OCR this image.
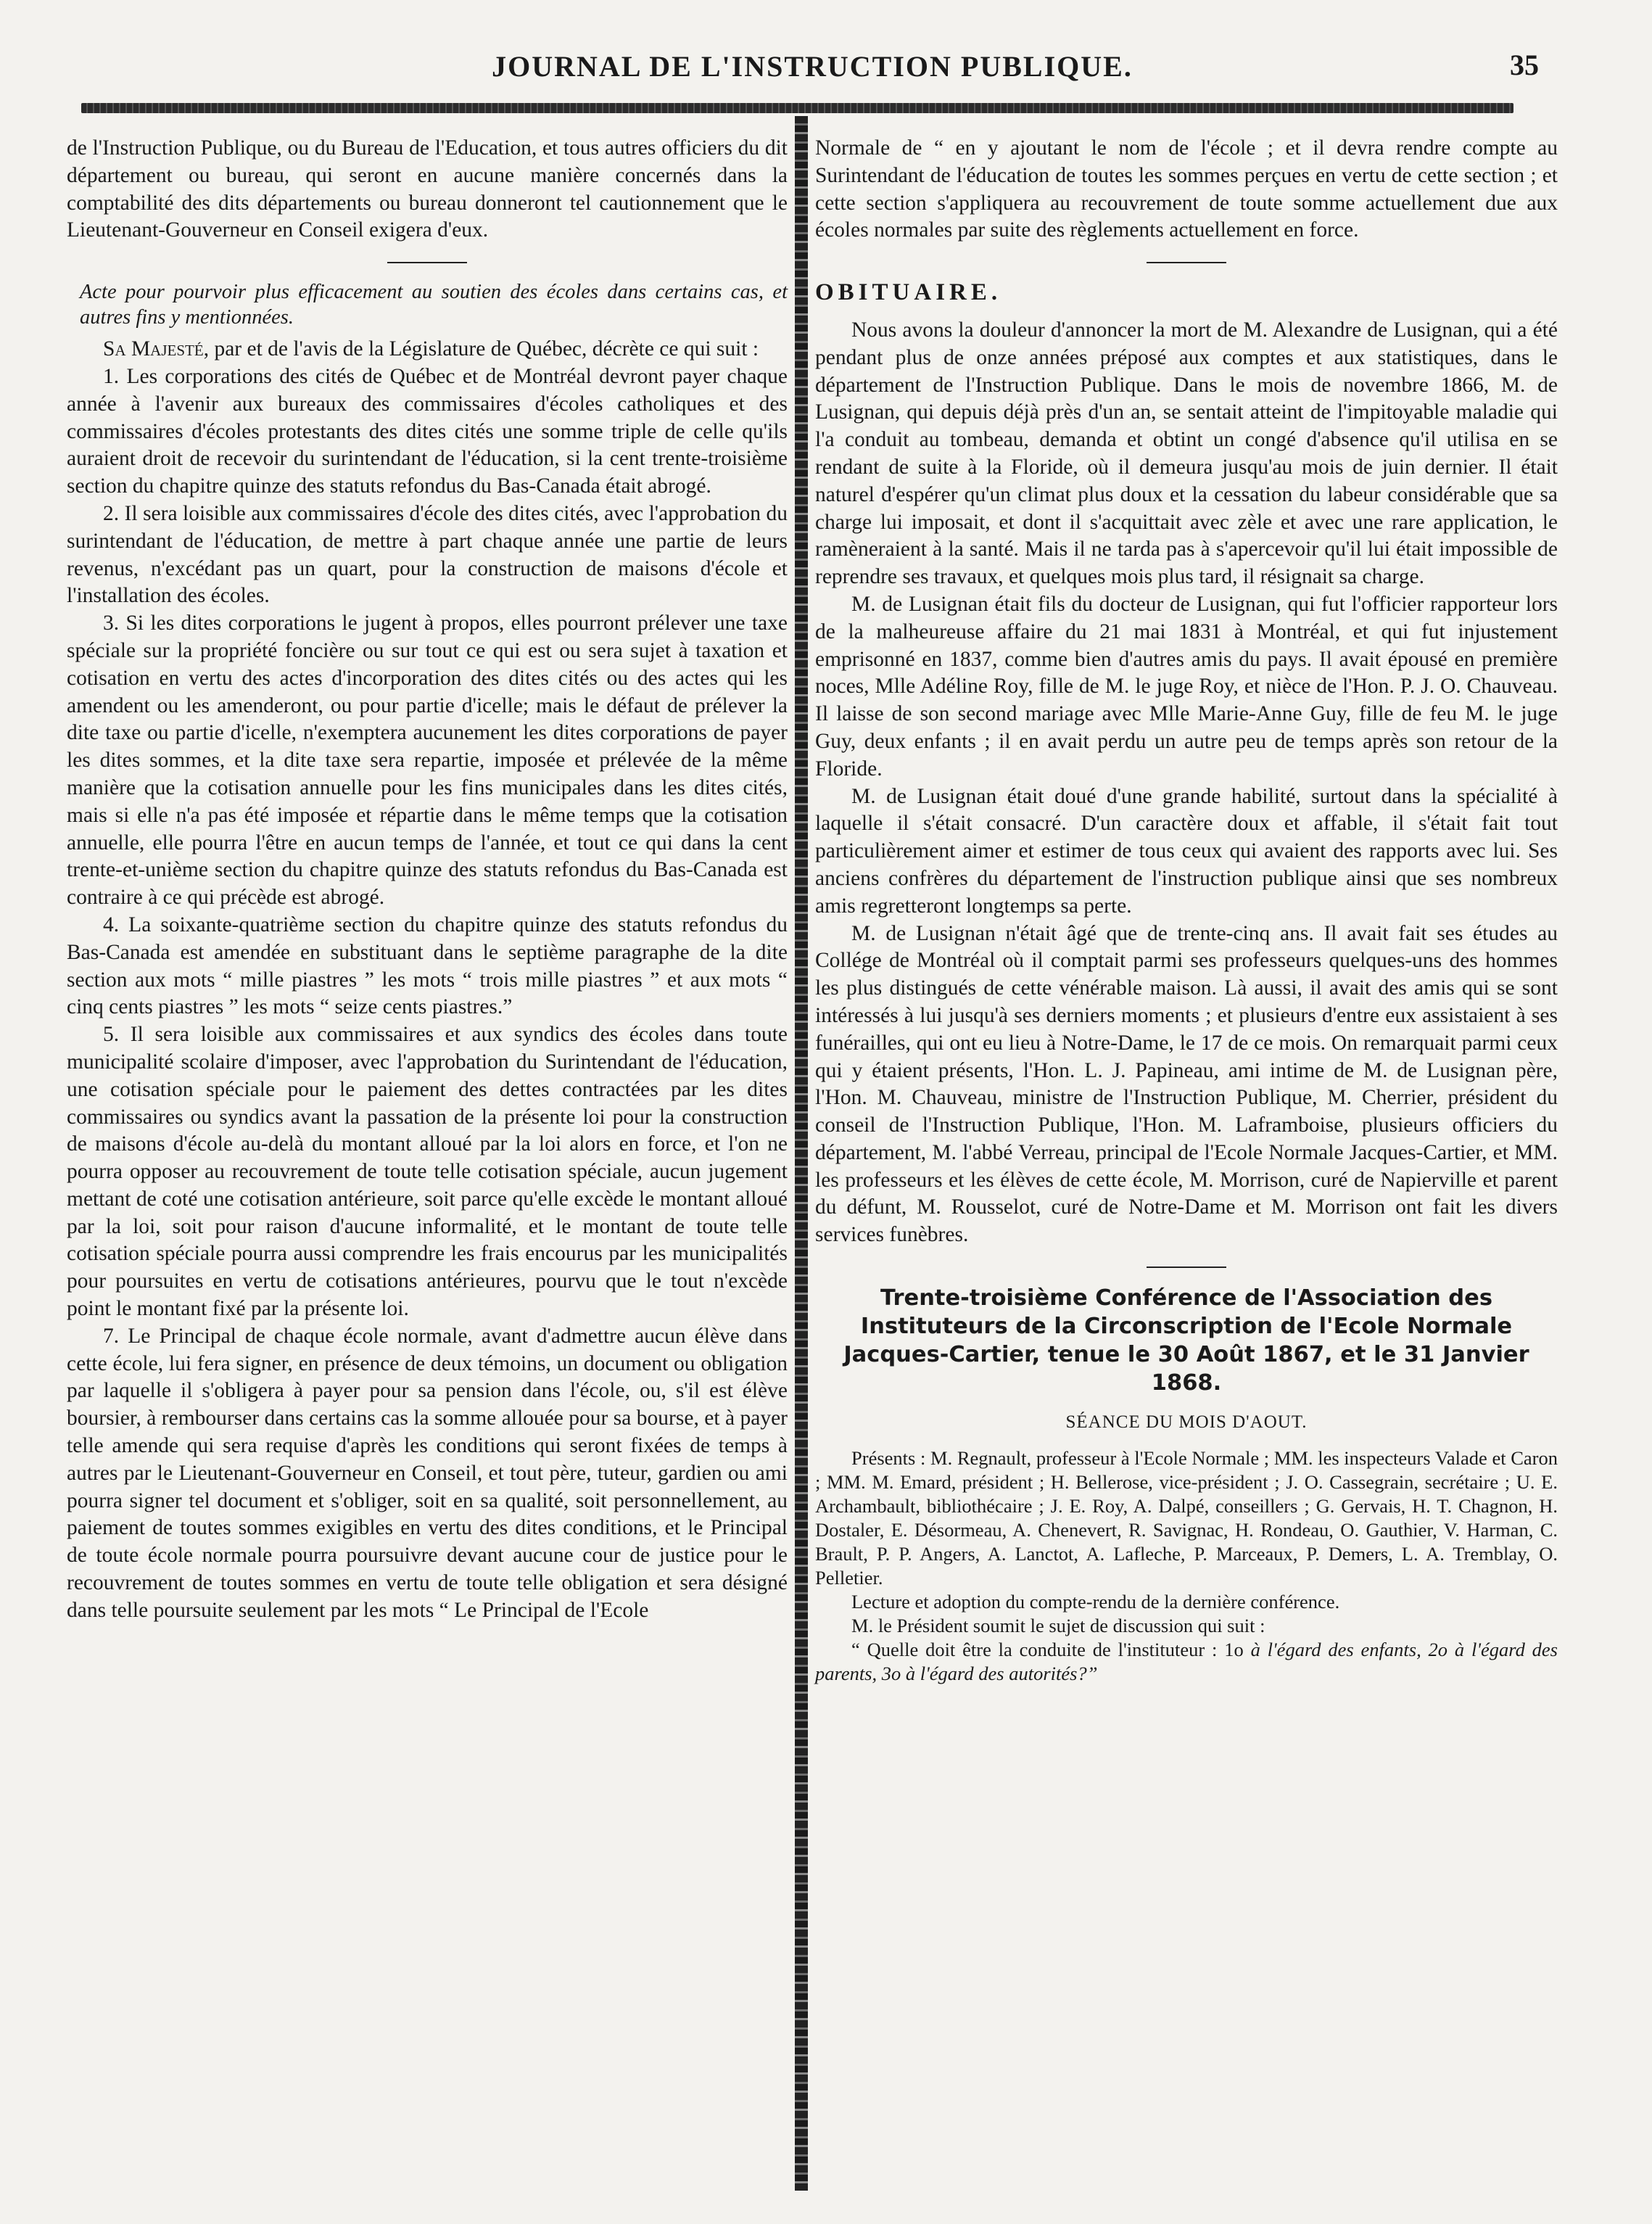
JOURNAL DE L'INSTRUCTION PUBLIQUE.	35

de l'Instruction Publique, ou du Bureau de l'Education, et tous autres officiers du dit département ou bureau, qui seront en aucune manière concernés dans la comptabilité des dits départements ou bureau donneront tel cautionnement que le Lieutenant-Gouverneur en Conseil exigera d'eux.

Acte pour pourvoir plus efficacement au soutien des écoles dans certains cas, et autres fins y mentionnées.

Sa Majesté, par et de l'avis de la Législature de Québec, décrète ce qui suit :

1. Les corporations des cités de Québec et de Montréal devront payer chaque année à l'avenir aux bureaux des commissaires d'écoles catholiques et des commissaires d'écoles protestants des dites cités une somme triple de celle qu'ils auraient droit de recevoir du surintendant de l'éducation, si la cent trente-troisième section du chapitre quinze des statuts refondus du Bas-Canada était abrogé.

2. Il sera loisible aux commissaires d'école des dites cités, avec l'approbation du surintendant de l'éducation, de mettre à part chaque année une partie de leurs revenus, n'excédant pas un quart, pour la construction de maisons d'école et l'installation des écoles.

3. Si les dites corporations le jugent à propos, elles pourront prélever une taxe spéciale sur la propriété foncière ou sur tout ce qui est ou sera sujet à taxation et cotisation en vertu des actes d'incorporation des dites cités ou des actes qui les amendent ou les amenderont, ou pour partie d'icelle; mais le défaut de prélever la dite taxe ou partie d'icelle, n'exemptera aucunement les dites corporations de payer les dites sommes, et la dite taxe sera repartie, imposée et prélevée de la même manière que la cotisation annuelle pour les fins municipales dans les dites cités, mais si elle n'a pas été imposée et répartie dans le même temps que la cotisation annuelle, elle pourra l'être en aucun temps de l'année, et tout ce qui dans la cent trente-et-unième section du chapitre quinze des statuts refondus du Bas-Canada est contraire à ce qui précède est abrogé.

4. La soixante-quatrième section du chapitre quinze des statuts refondus du Bas-Canada est amendée en substituant dans le septième paragraphe de la dite section aux mots “ mille piastres ” les mots “ trois mille piastres ” et aux mots “ cinq cents piastres ” les mots “ seize cents piastres.”

5. Il sera loisible aux commissaires et aux syndics des écoles dans toute municipalité scolaire d'imposer, avec l'approbation du Surintendant de l'éducation, une cotisation spéciale pour le paiement des dettes contractées par les dites commissaires ou syndics avant la passation de la présente loi pour la construction de maisons d'école au-delà du montant alloué par la loi alors en force, et l'on ne pourra opposer au recouvrement de toute telle cotisation spéciale, aucun jugement mettant de coté une cotisation antérieure, soit parce qu'elle excède le montant alloué par la loi, soit pour raison d'aucune informalité, et le montant de toute telle cotisation spéciale pourra aussi comprendre les frais encourus par les municipalités pour poursuites en vertu de cotisations antérieures, pourvu que le tout n'excède point le montant fixé par la présente loi.

7. Le Principal de chaque école normale, avant d'admettre aucun élève dans cette école, lui fera signer, en présence de deux témoins, un document ou obligation par laquelle il s'obligera à payer pour sa pension dans l'école, ou, s'il est élève boursier, à rembourser dans certains cas la somme allouée pour sa bourse, et à payer telle amende qui sera requise d'après les conditions qui seront fixées de temps à autres par le Lieutenant-Gouverneur en Conseil, et tout père, tuteur, gardien ou ami pourra signer tel document et s'obliger, soit en sa qualité, soit personnellement, au paiement de toutes sommes exigibles en vertu des dites conditions, et le Principal de toute école normale pourra poursuivre devant aucune cour de justice pour le recouvrement de toutes sommes en vertu de toute telle obligation et sera désigné dans telle poursuite seulement par les mots “ Le Principal de l'Ecole

Normale de “ en y ajoutant le nom de l'école ; et il devra rendre compte au Surintendant de l'éducation de toutes les sommes perçues en vertu de cette section ; et cette section s'appliquera au recouvrement de toute somme actuellement due aux écoles normales par suite des règlements actuellement en force.

OBITUAIRE.

Nous avons la douleur d'annoncer la mort de M. Alexandre de Lusignan, qui a été pendant plus de onze années préposé aux comptes et aux statistiques, dans le département de l'Instruction Publique. Dans le mois de novembre 1866, M. de Lusignan, qui depuis déjà près d'un an, se sentait atteint de l'impitoyable maladie qui l'a conduit au tombeau, demanda et obtint un congé d'absence qu'il utilisa en se rendant de suite à la Floride, où il demeura jusqu'au mois de juin dernier. Il était naturel d'espérer qu'un climat plus doux et la cessation du labeur considérable que sa charge lui imposait, et dont il s'acquittait avec zèle et avec une rare application, le ramèneraient à la santé. Mais il ne tarda pas à s'apercevoir qu'il lui était impossible de reprendre ses travaux, et quelques mois plus tard, il résignait sa charge.

M. de Lusignan était fils du docteur de Lusignan, qui fut l'officier rapporteur lors de la malheureuse affaire du 21 mai 1831 à Montréal, et qui fut injustement emprisonné en 1837, comme bien d'autres amis du pays. Il avait épousé en première noces, Mlle Adéline Roy, fille de M. le juge Roy, et nièce de l'Hon. P. J. O. Chauveau. Il laisse de son second mariage avec Mlle Marie-Anne Guy, fille de feu M. le juge Guy, deux enfants ; il en avait perdu un autre peu de temps après son retour de la Floride.

M. de Lusignan était doué d'une grande habilité, surtout dans la spécialité à laquelle il s'était consacré. D'un caractère doux et affable, il s'était fait tout particulièrement aimer et estimer de tous ceux qui avaient des rapports avec lui. Ses anciens confrères du département de l'instruction publique ainsi que ses nombreux amis regretteront longtemps sa perte.

M. de Lusignan n'était âgé que de trente-cinq ans. Il avait fait ses études au Collége de Montréal où il comptait parmi ses professeurs quelques-uns des hommes les plus distingués de cette vénérable maison. Là aussi, il avait des amis qui se sont intéressés à lui jusqu'à ses derniers moments ; et plusieurs d'entre eux assistaient à ses funérailles, qui ont eu lieu à Notre-Dame, le 17 de ce mois. On remarquait parmi ceux qui y étaient présents, l'Hon. L. J. Papineau, ami intime de M. de Lusignan père, l'Hon. M. Chauveau, ministre de l'Instruction Publique, M. Cherrier, président du conseil de l'Instruction Publique, l'Hon. M. Laframboise, plusieurs officiers du département, M. l'abbé Verreau, principal de l'Ecole Normale Jacques-Cartier, et MM. les professeurs et les élèves de cette école, M. Morrison, curé de Napierville et parent du défunt, M. Rousselot, curé de Notre-Dame et M. Morrison ont fait les divers services funèbres.

Trente-troisième Conférence de l'Association des Instituteurs de la Circonscription de l'Ecole Normale Jacques-Cartier, tenue le 30 Août 1867, et le 31 Janvier 1868.

SÉANCE DU MOIS D'AOUT.

Présents : M. Regnault, professeur à l'Ecole Normale ; MM. les inspecteurs Valade et Caron ; MM. M. Emard, président ; H. Bellerose, vice-président ; J. O. Cassegrain, secrétaire ; U. E. Archambault, bibliothécaire ; J. E. Roy, A. Dalpé, conseillers ; G. Gervais, H. T. Chagnon, H. Dostaler, E. Désormeau, A. Chenevert, R. Savignac, H. Rondeau, O. Gauthier, V. Harman, C. Brault, P. P. Angers, A. Lanctot, A. Lafleche, P. Marceaux, P. Demers, L. A. Tremblay, O. Pelletier.

Lecture et adoption du compte-rendu de la dernière conférence.

M. le Président soumit le sujet de discussion qui suit :

“ Quelle doit être la conduite de l'instituteur : 1o à l'égard des enfants, 2o à l'égard des parents, 3o à l'égard des autorités?”
